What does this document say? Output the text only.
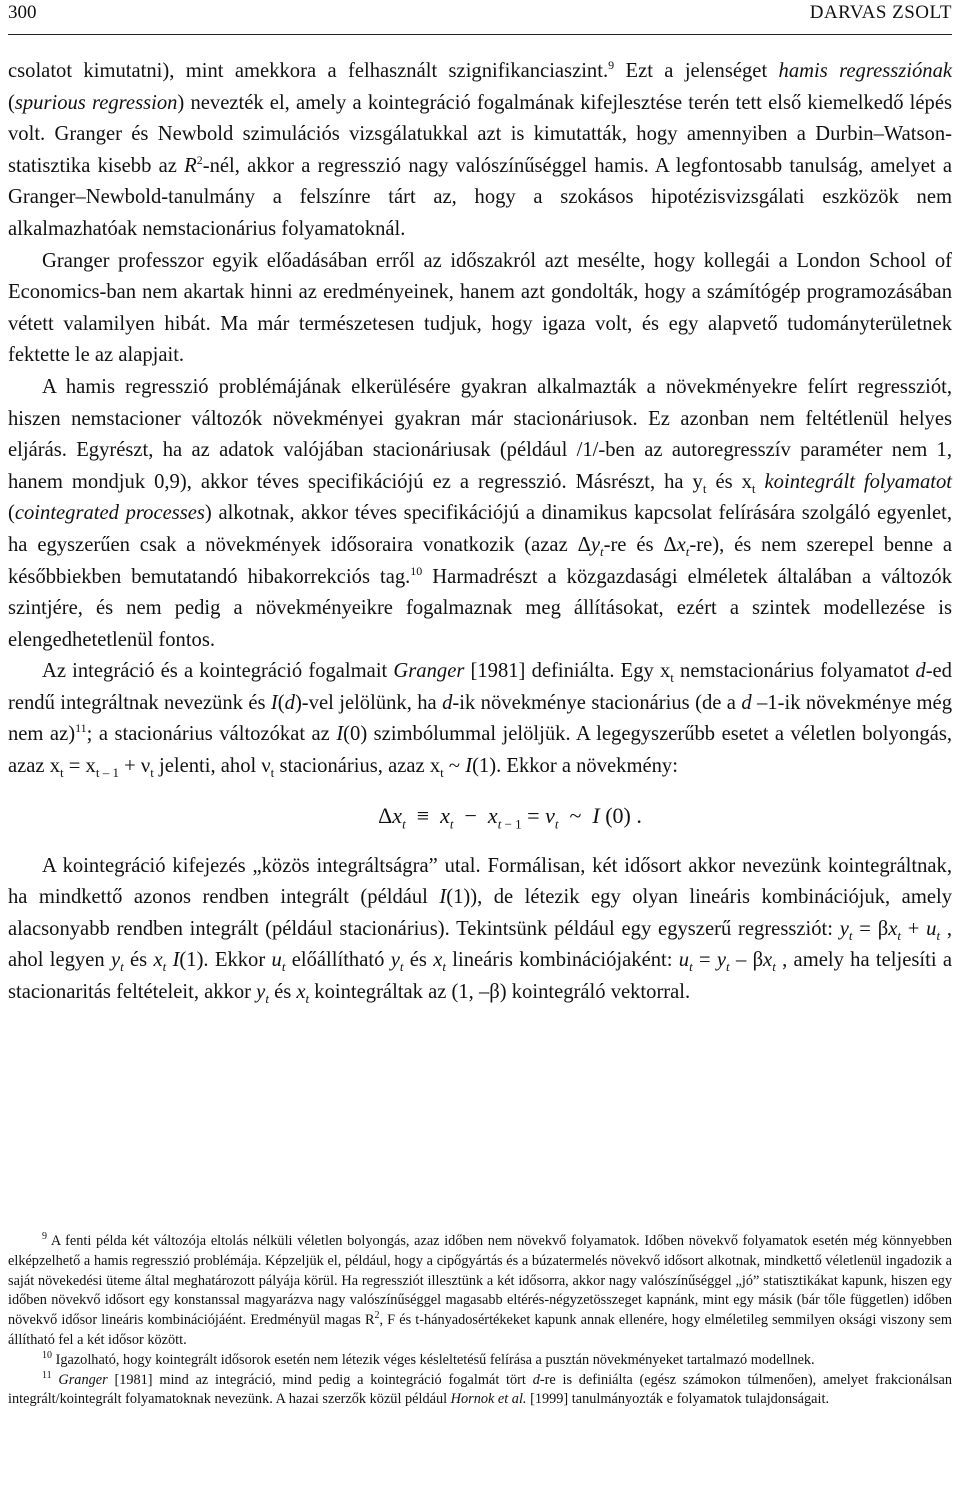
300	DARVAS ZSOLT

csolatot kimutatni), mint amekkora a felhasznált szignifikanciaszint.$^9$ Ezt a jelenséget hamis regressziónak (spurious regression) nevezték el, amely a kointegráció fogalmának kifejlesztése terén tett első kiemelkedő lépés volt. Granger és Newbold szimulációs vizsgálatukkal azt is kimutatták, hogy amennyiben a Durbin–Watson-statisztika kisebb az $R^2$-nél, akkor a regresszió nagy valószínűséggel hamis. A legfontosabb tanulság, amelyet a Granger–Newbold-tanulmány a felszínre tárt az, hogy a szokásos hipotézisvizsgálati eszközök nem alkalmazhatóak nemstacionárius folyamatoknál.

Granger professzor egyik előadásában erről az időszakról azt mesélte, hogy kollegái a London School of Economics-ban nem akartak hinni az eredményeinek, hanem azt gondolták, hogy a számítógép programozásában vétett valamilyen hibát. Ma már természetesen tudjuk, hogy igaza volt, és egy alapvető tudományterületnek fektette le az alapjait.

A hamis regresszió problémájának elkerülésére gyakran alkalmazták a növekményekre felírt regressziót, hiszen nemstacioner változók növekményei gyakran már stacionáriusok. Ez azonban nem feltétlenül helyes eljárás. Egyrészt, ha az adatok valójában stacionáriusak (például /1/-ben az autoregresszív paraméter nem 1, hanem mondjuk 0,9), akkor téves specifikációjú ez a regresszió. Másrészt, ha $y_t$ és $x_t$ kointegrált folyamatot (cointegrated processes) alkotnak, akkor téves specifikációjú a dinamikus kapcsolat felírására szolgáló egyenlet, ha egyszerűen csak a növekmények idősoraira vonatkozik (azaz $\Delta y_t-re$ és $\Delta x_t-re$), és nem szerepel benne a későbbiekben bemutatandó hibakorrekciós tag.$^{10}$ Harmadrészt a közgazdasági elméletek általában a változók szintjére, és nem pedig a növekményeikre fogalmaznak meg állításokat, ezért a szintek modellezése is elengedhetetlenül fontos.

Az integráció és a kointegráció fogalmait Granger [1981] definiálta. Egy $x_t$ nemstacionárius folyamatot d-ed rendű integráltnak nevezünk és I(d)-vel jelölünk, ha d-ik növekménye stacionárius (de a d –1-ik növekménye még nem az)$^{11}$; a stacionárius változókat az I(0) szimbólummal jelöljük. A legegyszerűbb esetet a véletlen bolyongás, azaz $x_t = x_{t - 1} + \nu_t$ jelenti, ahol $\nu_t$ stacionárius, azaz $x_t$ ~ I(1). Ekkor a növekmény:

$\Delta x_t \equiv x_t - x_{t - 1} = v_t$  ~  I (0) .

A kointegráció kifejezés „közös integráltságra” utal. Formálisan, két idősort akkor nevezünk kointegráltnak, ha mindkettő azonos rendben integrált (például I(1)), de létezik egy olyan lineáris kombinációjuk, amely alacsonyabb rendben integrált (például stacionárius). Tekintsünk például egy egyszerű regressziót: $y_t = \beta x_t + u_t$ , ahol legyen $y_t$ és $x_t$ I(1). Ekkor $u_t$ előállítható $y_t$ és $x_t$ lineáris kombinációjaként: $u_t = y_t - \beta x_t$ , amely ha teljesíti a stacionaritás feltételeit, akkor $y_t$ és $x_t$ kointegráltak az (1, –β) kointegráló vektorral.

$^9$ A fenti példa két változója eltolás nélküli véletlen bolyongás, azaz időben nem növekvő folyamatok. Időben növekvő folyamatok esetén még könnyebben elképzelhető a hamis regresszió problémája. Képzeljük el, például, hogy a cipőgyártás és a búzatermelés növekvő idősort alkotnak, mindkettő véletlenül ingadozik a saját növekedési üteme által meghatározott pályája körül. Ha regressziót illesztünk a két idősorra, akkor nagy valószínűséggel „jó” statisztikákat kapunk, hiszen egy időben növekvő idősort egy konstanssal magyarázva nagy valószínűséggel magasabb eltérés-négyzetösszeget kapnánk, mint egy másik (bár tőle független) időben növekvő idősor lineáris kombinációjáént. Eredményül magas $R^2$, F és t-hányadosértékeket kapunk annak ellenére, hogy elméletileg semmilyen oksági viszony sem állítható fel a két idősor között.

$^{10}$ Igazolható, hogy kointegrált idősorok esetén nem létezik véges késleltetésű felírása a pusztán növekményeket tartalmazó modellnek.

$^{11}$ Granger [1981] mind az integráció, mind pedig a kointegráció fogalmát tört d-re is definiálta (egész számokon túlmenően), amelyet frakcionálsan integrált/kointegrált folyamatoknak nevezünk. A hazai szerzők közül például Hornok et al. [1999] tanulmányozták e folyamatok tulajdonságait.
